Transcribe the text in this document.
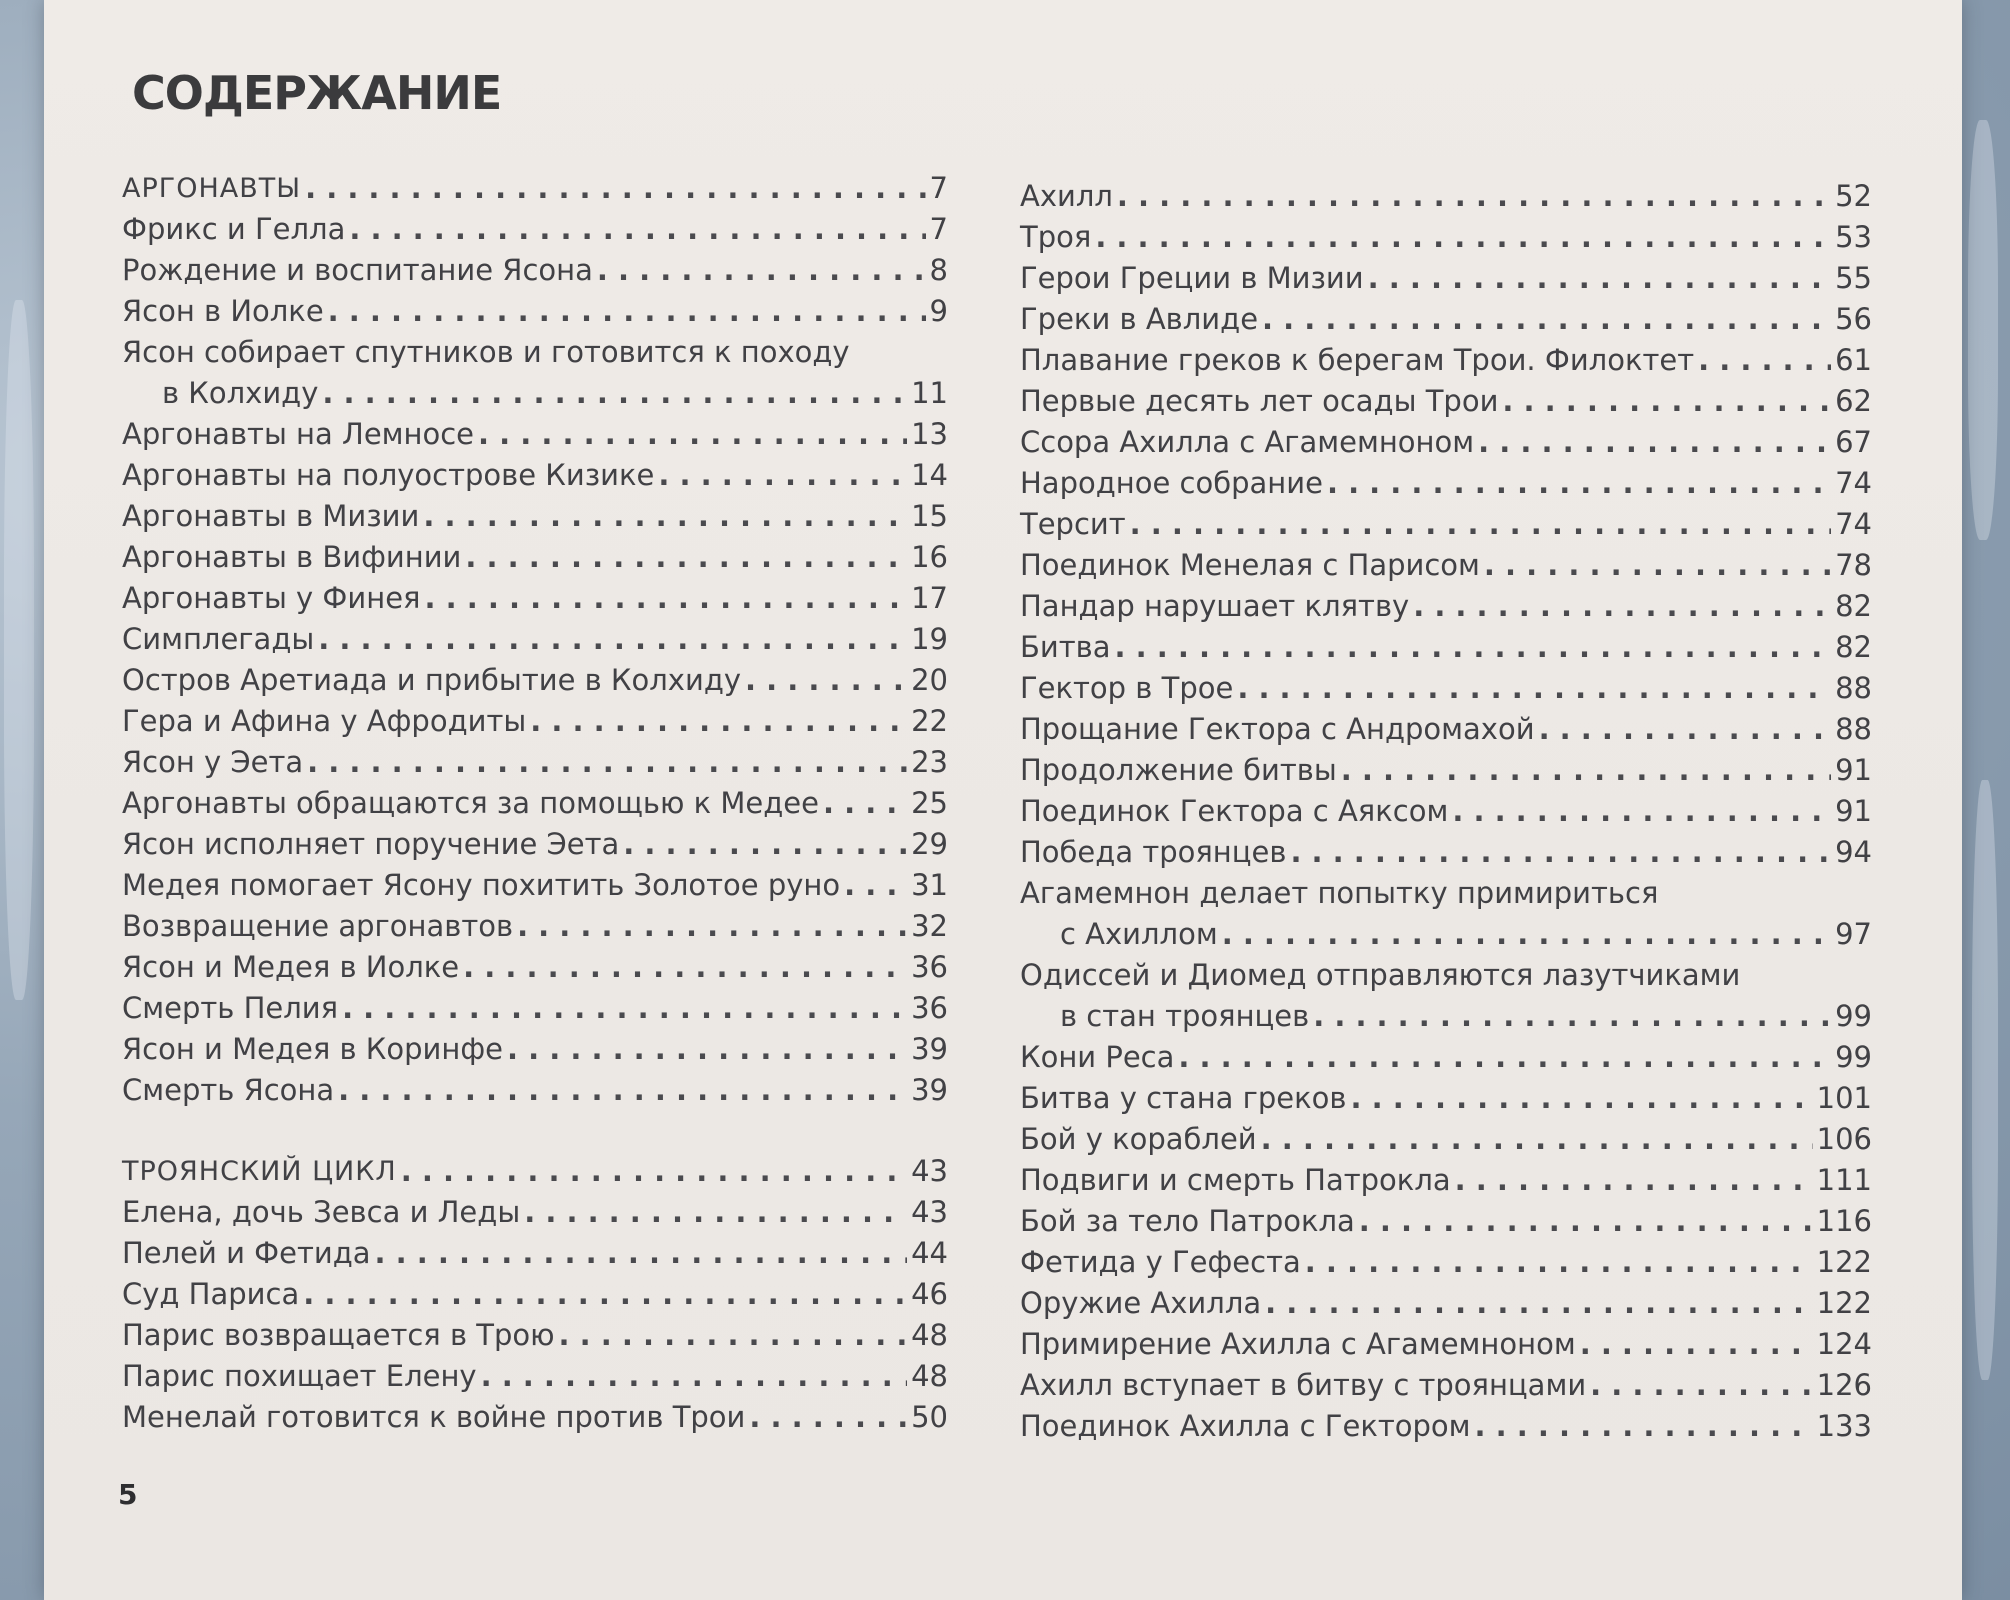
СОДЕРЖАНИЕ
АРГОНАВТЫ . . .	7
Фрикс и Гелла . . .	7
Рождение и воспитание Ясона . . .	8
Ясон в Иолке . . .	9
Ясон собирает спутников и готовится к походу
в Колхиду . . .	11
Аргонавты на Лемносе . . .	13
Аргонавты на полуострове Кизике . . .	14
Аргонавты в Мизии . . .	15
Аргонавты в Вифинии . . .	16
Аргонавты у Финея . . .	17
Симплегады . . .	19
Остров Аретиада и прибытие в Колхиду . . .	20
Гера и Афина у Афродиты . . .	22
Ясон у Эета . . .	23
Аргонавты обращаются за помощью к Медее . . .	25
Ясон исполняет поручение Эета . . .	29
Медея помогает Ясону похитить Золотое руно . . . 31
Возвращение аргонавтов . . .	32
Ясон и Медея в Иолке . . .	36
Смерть Пелия . . .	36
Ясон и Медея в Коринфе . . .	39
Смерть Ясона . . .	39
ТРОЯНСКИЙ ЦИКЛ . . .	43
Елена, дочь Зевса и Леды . . .	43
Пелей и Фетида . . .	44
Суд Париса . . .	46
Парис возвращается в Трою . . .	48
Парис похищает Елену . . .	48
Менелай готовится к войне против Трои . . .	50
Ахилл . . .	52
Троя . . .	53
Герои Греции в Мизии . . .	55
Греки в Авлиде . . .	56
Плавание греков к берегам Трои. Филоктет . . .	61
Первые десять лет осады Трои . . .	62
Ссора Ахилла с Агамемноном . . .	67
Народное собрание . . .	74
Терсит . . .	74
Поединок Менелая с Парисом . . .	78
Пандар нарушает клятву . . .	82
Битва . . .	82
Гектор в Трое . . .	88
Прощание Гектора с Андромахой . . .	88
Продолжение битвы . . .	91
Поединок Гектора с Аяксом . . .	91
Победа троянцев . . .	94
Агамемнон делает попытку примириться
с Ахиллом . . .	97
Одиссей и Диомед отправляются лазутчиками
в стан троянцев . . .	99
Кони Реса . . .	99
Битва у стана греков . . .	101
Бой у кораблей . . .	106
Подвиги и смерть Патрокла . . .	111
Бой за тело Патрокла . . .	116
Фетида у Гефеста . . .	122
Оружие Ахилла . . .	122
Примирение Ахилла с Агамемноном . . .	124
Ахилл вступает в битву с троянцами . . .	126
Поединок Ахилла с Гектором . . .	133

5
